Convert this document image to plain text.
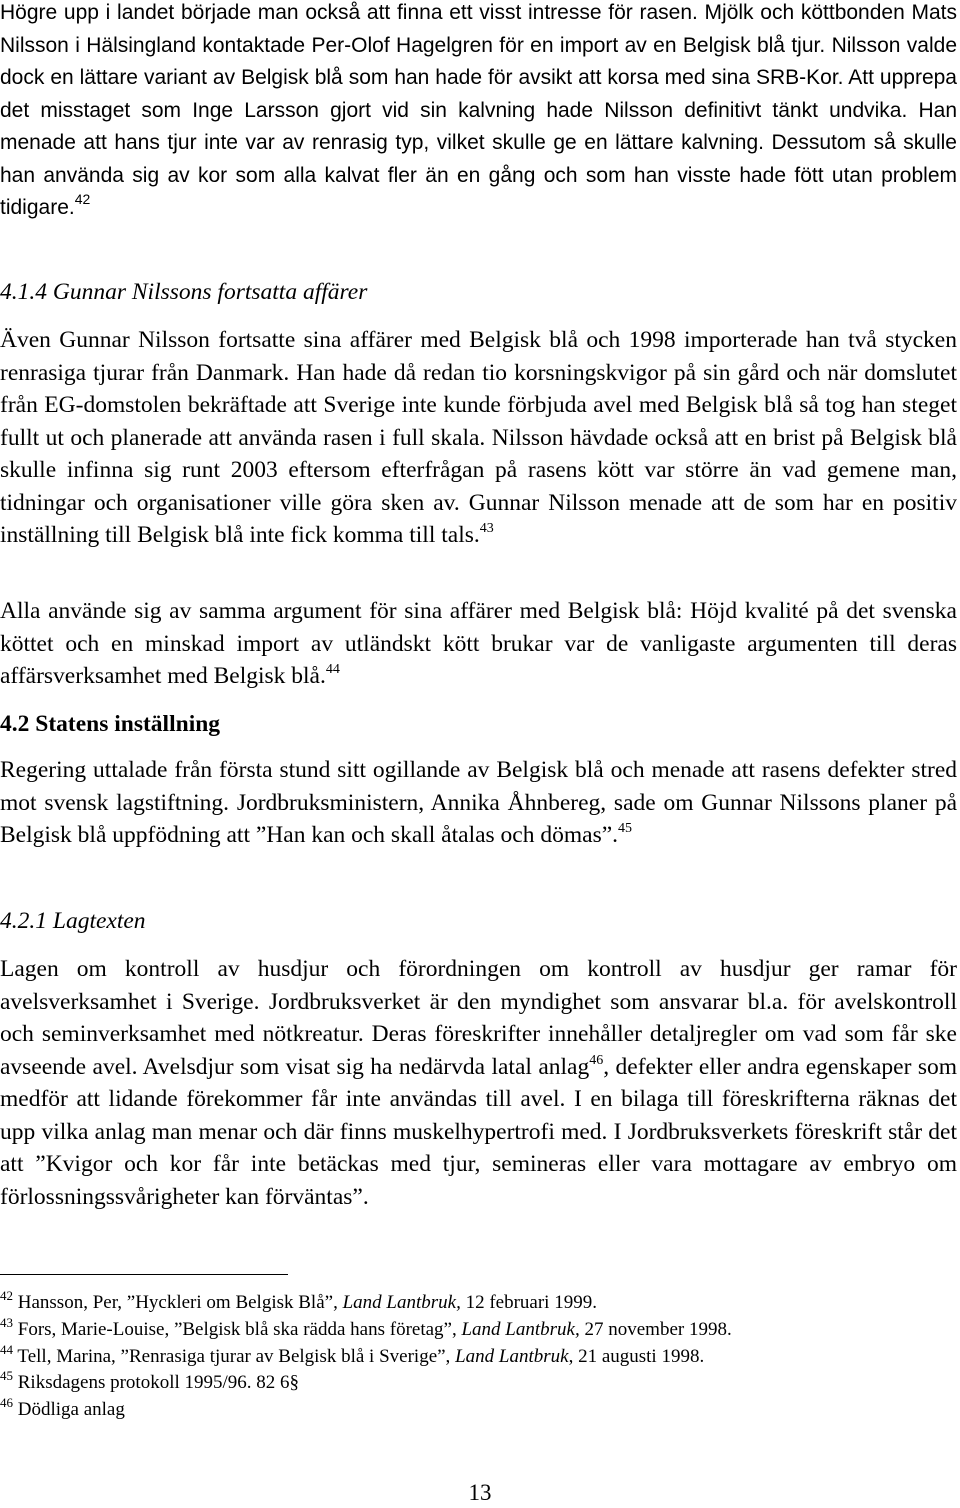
Högre upp i landet började man också att finna ett visst intresse för rasen. Mjölk och köttbonden Mats Nilsson i Hälsingland kontaktade Per-Olof Hagelgren för en import av en Belgisk blå tjur. Nilsson valde dock en lättare variant av Belgisk blå som han hade för avsikt att korsa med sina SRB-Kor. Att upprepa det misstaget som Inge Larsson gjort vid sin kalvning hade Nilsson definitivt tänkt undvika. Han menade att hans tjur inte var av renrasig typ, vilket skulle ge en lättare kalvning. Dessutom så skulle han använda sig av kor som alla kalvat fler än en gång och som han visste hade fött utan problem tidigare.$^{42}$

4.1.4 Gunnar Nilssons fortsatta affärer

Även Gunnar Nilsson fortsatte sina affärer med Belgisk blå och 1998 importerade han två stycken renrasiga tjurar från Danmark. Han hade då redan tio korsningskvigor på sin gård och när domslutet från EG-domstolen bekräftade att Sverige inte kunde förbjuda avel med Belgisk blå så tog han steget fullt ut och planerade att använda rasen i full skala. Nilsson hävdade också att en brist på Belgisk blå skulle infinna sig runt 2003 eftersom efterfrågan på rasens kött var större än vad gemene man, tidningar och organisationer ville göra sken av. Gunnar Nilsson menade att de som har en positiv inställning till Belgisk blå inte fick komma till tals.$^{43}$

Alla använde sig av samma argument för sina affärer med Belgisk blå: Höjd kvalité på det svenska köttet och en minskad import av utländskt kött brukar var de vanligaste argumenten till deras affärsverksamhet med Belgisk blå.$^{44}$

4.2 Statens inställning

Regering uttalade från första stund sitt ogillande av Belgisk blå och menade att rasens defekter stred mot svensk lagstiftning. Jordbruksministern, Annika Åhnbereg, sade om Gunnar Nilssons planer på Belgisk blå uppfödning att ”Han kan och skall åtalas och dömas”.$^{45}$

4.2.1 Lagtexten

Lagen om kontroll av husdjur och förordningen om kontroll av husdjur ger ramar för avelsverksamhet i Sverige. Jordbruksverket är den myndighet som ansvarar bl.a. för avelskontroll och seminverksamhet med nötkreatur. Deras föreskrifter innehåller detaljregler om vad som får ske avseende avel. Avelsdjur som visat sig ha nedärvda latal anlag$^{46}$, defekter eller andra egenskaper som medför att lidande förekommer får inte användas till avel. I en bilaga till föreskrifterna räknas det upp vilka anlag man menar och där finns muskelhypertrofi med. I Jordbruksverkets föreskrift står det att ”Kvigor och kor får inte betäckas med tjur, semineras eller vara mottagare av embryo om förlossningssvårigheter kan förväntas”.

$^{42}$ Hansson, Per, ”Hyckleri om Belgisk Blå”, Land Lantbruk, 12 februari 1999.
$^{43}$ Fors, Marie-Louise, ”Belgisk blå ska rädda hans företag”, Land Lantbruk, 27 november 1998.
$^{44}$ Tell, Marina, ”Renrasiga tjurar av Belgisk blå i Sverige”, Land Lantbruk, 21 augusti 1998.
$^{45}$ Riksdagens protokoll 1995/96. 82 6§
$^{46}$ Dödliga anlag
13
